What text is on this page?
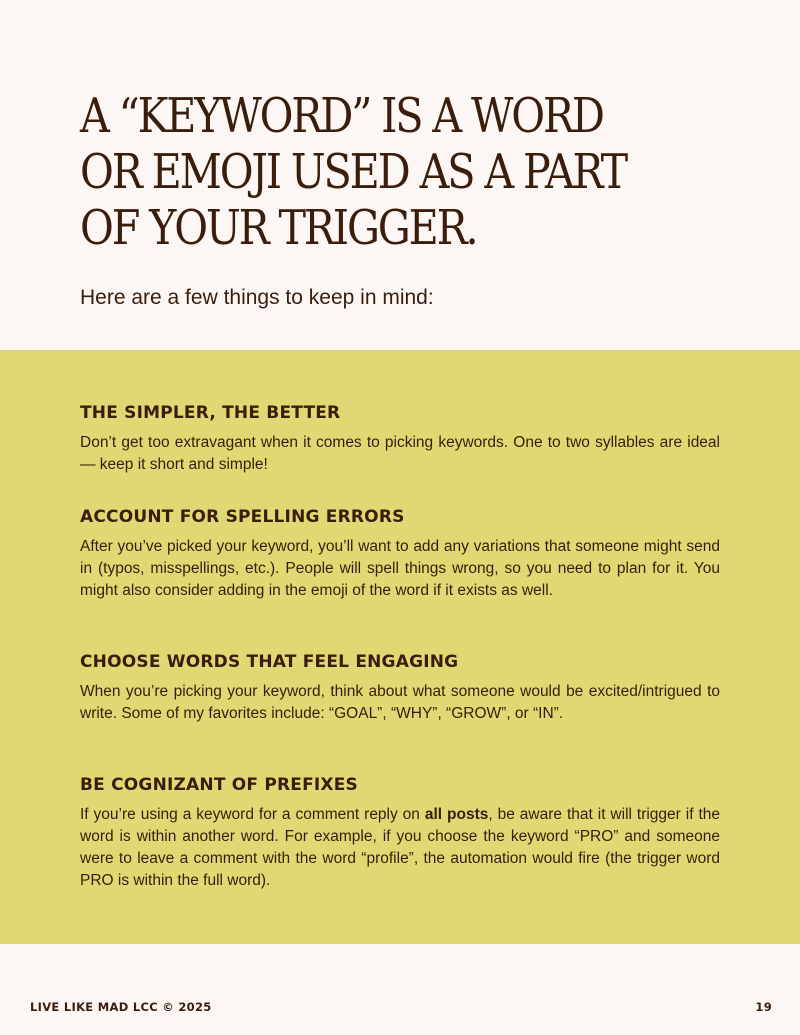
A “KEYWORD” IS A WORD
OR EMOJI USED AS A PART
OF YOUR TRIGGER.

Here are a few things to keep in mind:

THE SIMPLER, THE BETTER

Don’t get too extravagant when it comes to picking keywords. One to two syllables are ideal — keep it short and simple!

ACCOUNT FOR SPELLING ERRORS

After you’ve picked your keyword, you’ll want to add any variations that someone might send in (typos, misspellings, etc.). People will spell things wrong, so you need to plan for it. You might also consider adding in the emoji of the word if it exists as well.

CHOOSE WORDS THAT FEEL ENGAGING

When you’re picking your keyword, think about what someone would be excited/intrigued to write. Some of my favorites include: “GOAL”, “WHY”, “GROW”, or “IN”.

BE COGNIZANT OF PREFIXES

If you’re using a keyword for a comment reply on all posts, be aware that it will trigger if the word is within another word. For example, if you choose the keyword “PRO” and someone were to leave a comment with the word “profile”, the automation would fire (the trigger word PRO is within the full word).

LIVE LIKE MAD LCC © 2025	19
